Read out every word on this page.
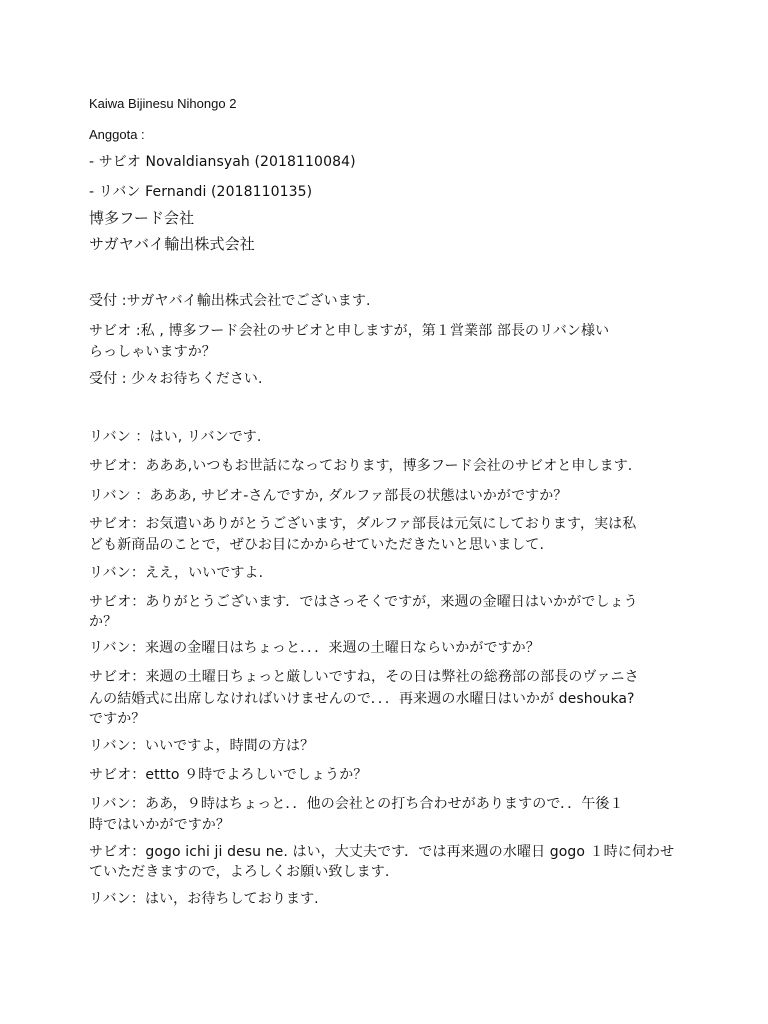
Kaiwa Bijinesu Nihongo 2

Anggota :

- サビオ Novaldiansyah (2018110084)

- リバン Fernandi (2018110135)

博多フード会社

サガヤバイ輸出株式会社

受付 :サガヤバイ輸出株式会社でございます.

サビオ :私 , 博多フード会社のサビオと申しますが，第１営業部 部長のリバン様い

らっしゃいますか？

受付 : 少々お待ちください.

リバン ：はい, リバンです.

サビオ：あああ,いつもお世話になっております，博多フード会社のサビオと申します.

リバン ：あああ, サビオ-さんですか, ダルファ部長の状態はいかがですか？

サビオ：お気遣いありがとうございます，ダルファ部長は元気にしております，実は私

ども新商品のことで，ぜひお目にかからせていただきたいと思いまして.

リバン：ええ，いいですよ.

サビオ：ありがとうございます．ではさっそくですが，来週の金曜日はいかがでしょう

か？

リバン：来週の金曜日はちょっと．．．来週の土曜日ならいかがですか？

サビオ：来週の土曜日ちょっと厳しいですね，その日は弊社の総務部の部長のヴァニさ

んの結婚式に出席しなければいけませんので．．．再来週の水曜日はいかが deshouka?

ですか？

リバン：いいですよ，時間の方は？

サビオ：ettto ９時でよろしいでしょうか？

リバン：ああ，９時はちょっと．．他の会社との打ち合わせがありますので．．午後１

時ではいかがですか？

サビオ：gogo ichi ji desu ne. はい，大丈夫です．では再来週の水曜日 gogo １時に伺わせ

ていただきますので，よろしくお願い致します.

リバン：はい，お待ちしております.
